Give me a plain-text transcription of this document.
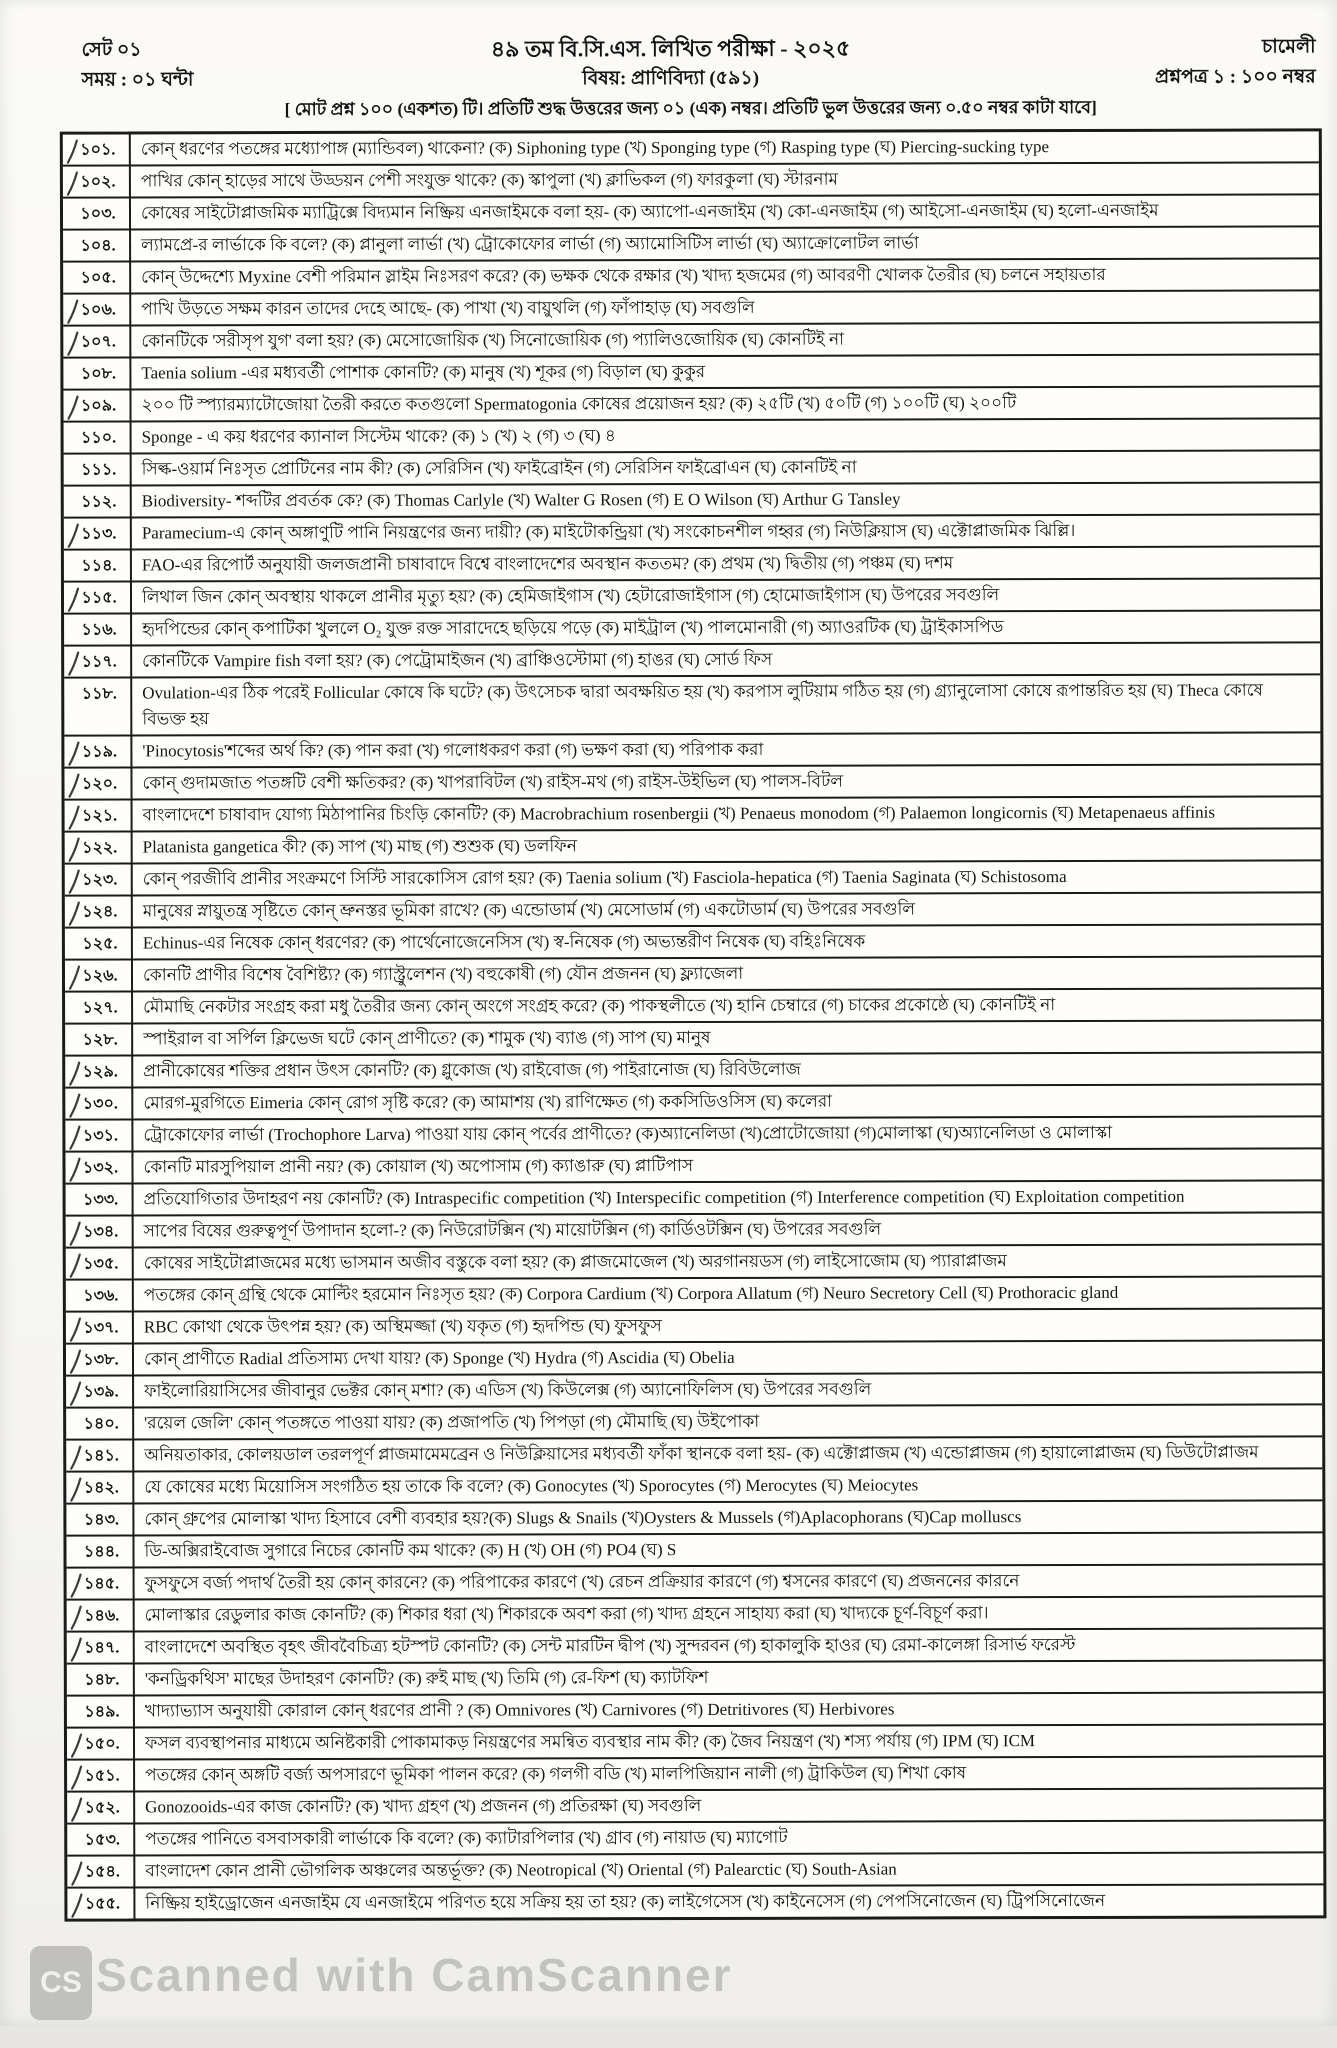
সেট ০১
সময় : ০১ ঘন্টা
৪৯ তম বি.সি.এস. লিখিত পরীক্ষা - ২০২৫
বিষয়: প্রাণিবিদ্যা (৫৯১)
চামেলী
প্রশ্নপত্র ১ : ১০০ নম্বর
[ মোট প্রশ্ন ১০০ (একশত) টি। প্রতিটি শুদ্ধ উত্তরের জন্য ০১ (এক) নম্বর। প্রতিটি ভুল উত্তরের জন্য ০.৫০ নম্বর কাটা যাবে]
১০১.	কোন্ ধরণের পতঙ্গের মধ্যোপাঙ্গ (ম্যান্ডিবল) থাকেনা? (ক) Siphoning type (খ) Sponging type (গ) Rasping type (ঘ) Piercing-sucking type
১০২.	পাখির কোন্ হাড়ের সাথে উড্ডয়ন পেশী সংযুক্ত থাকে? (ক) স্কাপুলা (খ) ক্লাভিকল (গ) ফারকুলা (ঘ) স্টারনাম
১০৩.	কোষের সাইটোপ্লাজমিক ম্যাট্রিক্সে বিদ্যমান নিষ্ক্রিয় এনজাইমকে বলা হয়- (ক) অ্যাপো-এনজাইম (খ) কো-এনজাইম (গ) আইসো-এনজাইম (ঘ) হলো-এনজাইম
১০৪.	ল্যামপ্রে-র লার্ভাকে কি বলে? (ক) প্লানুলা লার্ভা (খ) ট্রোকোফোর লার্ভা (গ) অ্যামোসিটিস লার্ভা (ঘ) অ্যাক্রোলোটল লার্ভা
১০৫.	কোন্ উদ্দেশ্যে Myxine বেশী পরিমান স্লাইম নিঃসরণ করে? (ক) ভক্ষক থেকে রক্ষার (খ) খাদ্য হজমের (গ) আবরণী খোলক তৈরীর (ঘ) চলনে সহায়তার
১০৬.	পাখি উড়তে সক্ষম কারন তাদের দেহে আছে- (ক) পাখা (খ) বায়ুথলি (গ) ফাঁপাহাড় (ঘ) সবগুলি
১০৭.	কোনটিকে 'সরীসৃপ যুগ' বলা হয়? (ক) মেসোজোয়িক (খ) সিনোজোয়িক (গ) প্যালিওজোয়িক (ঘ) কোনটিই না
১০৮.	Taenia solium -এর মধ্যবর্তী পোশাক কোনটি? (ক) মানুষ (খ) শূকর (গ) বিড়াল (ঘ) কুকুর
১০৯.	২০০ টি স্প্যারম্যাটোজোয়া তৈরী করতে কতগুলো Spermatogonia কোষের প্রয়োজন হয়? (ক) ২৫টি (খ) ৫০টি (গ) ১০০টি (ঘ) ২০০টি
১১০.	Sponge - এ কয় ধরণের ক্যানাল সিস্টেম থাকে? (ক) ১ (খ) ২ (গ) ৩ (ঘ) ৪
১১১.	সিল্ক-ওয়ার্ম নিঃসৃত প্রোটিনের নাম কী? (ক) সেরিসিন (খ) ফাইব্রোইন (গ) সেরিসিন ফাইব্রোএন (ঘ) কোনটিই না
১১২.	Biodiversity- শব্দটির প্রবর্তক কে? (ক) Thomas Carlyle (খ) Walter G Rosen (গ) E O Wilson (ঘ) Arthur G Tansley
১১৩.	Paramecium-এ কোন্ অঙ্গাণুটি পানি নিয়ন্ত্রণের জন্য দায়ী? (ক) মাইটোকন্ড্রিয়া (খ) সংকোচনশীল গহ্বর (গ) নিউক্লিয়াস (ঘ) এক্টোপ্লাজমিক ঝিল্লি।
১১৪.	FAO-এর রিপোর্ট অনুযায়ী জলজপ্রানী চাষাবাদে বিশ্বে বাংলাদেশের অবস্থান কততম? (ক) প্রথম (খ) দ্বিতীয় (গ) পঞ্চম (ঘ) দশম
১১৫.	লিথাল জিন কোন্ অবস্থায় থাকলে প্রানীর মৃত্যু হয়? (ক) হেমিজাইগাস (খ) হেটারোজাইগাস (গ) হোমোজাইগাস (ঘ) উপরের সবগুলি
১১৬.	হৃদপিন্ডের কোন্ কপাটিকা খুললে O₂ যুক্ত রক্ত সারাদেহে ছড়িয়ে পড়ে (ক) মাইট্রাল (খ) পালমোনারী (গ) অ্যাওরটিক (ঘ) ট্রাইকাসপিড
১১৭.	কোনটিকে Vampire fish বলা হয়? (ক) পেট্রোমাইজন (খ) ব্রাঞ্চিওস্টোমা (গ) হাঙর (ঘ) সোর্ড ফিস
১১৮.	Ovulation-এর ঠিক পরেই Follicular কোষে কি ঘটে? (ক) উৎসেচক দ্বারা অবক্ষয়িত হয় (খ) করপাস লুটিয়াম গঠিত হয় (গ) গ্র্যানুলোসা কোষে রূপান্তরিত হয় (ঘ) Theca কোষে বিভক্ত হয়
১১৯.	'Pinocytosis'শব্দের অর্থ কি? (ক) পান করা (খ) গলোধকরণ করা (গ) ভক্ষণ করা (ঘ) পরিপাক করা
১২০.	কোন্ গুদামজাত পতঙ্গটি বেশী ক্ষতিকর? (ক) খাপরাবিটল (খ) রাইস-মথ (গ) রাইস-উইভিল (ঘ) পালস-বিটল
১২১.	বাংলাদেশে চাষাবাদ যোগ্য মিঠাপানির চিংড়ি কোনটি? (ক) Macrobrachium rosenbergii (খ) Penaeus monodom (গ) Palaemon longicornis (ঘ) Metapenaeus affinis
১২২.	Platanista gangetica কী? (ক) সাপ (খ) মাছ (গ) শুশুক (ঘ) ডলফিন
১২৩.	কোন্ পরজীবি প্রানীর সংক্রমণে সিস্টি সারকোসিস রোগ হয়? (ক) Taenia solium (খ) Fasciola-hepatica (গ) Taenia Saginata (ঘ) Schistosoma
১২৪.	মানুষের স্নায়ুতন্ত্র সৃষ্টিতে কোন্ ভ্রুনস্তর ভূমিকা রাখে? (ক) এন্ডোডার্ম (খ) মেসোডার্ম (গ) একটোডার্ম (ঘ) উপরের সবগুলি
১২৫.	Echinus-এর নিষেক কোন্ ধরণের? (ক) পার্থেনোজেনেসিস (খ) স্ব-নিষেক (গ) অভ্যন্তরীণ নিষেক (ঘ) বহিঃনিষেক
১২৬.	কোনটি প্রাণীর বিশেষ বৈশিষ্ট্য? (ক) গ্যাস্ট্রুলেশন (খ) বহুকোষী (গ) যৌন প্রজনন (ঘ) ফ্ল্যাজেলা
১২৭.	মৌমাছি নেকটার সংগ্রহ করা মধু তৈরীর জন্য কোন্ অংগে সংগ্রহ করে? (ক) পাকস্থলীতে (খ) হানি চেম্বারে (গ) চাকের প্রকোষ্ঠে (ঘ) কোনটিই না
১২৮.	স্পাইরাল বা সর্পিল ক্লিভেজ ঘটে কোন্ প্রাণীতে? (ক) শামুক (খ) ব্যাঙ (গ) সাপ (ঘ) মানুষ
১২৯.	প্রানীকোষের শক্তির প্রধান উৎস কোনটি? (ক) গ্লুকোজ (খ) রাইবোজ (গ) পাইরানোজ (ঘ) রিবিউলোজ
১৩০.	মোরগ-মুরগিতে Eimeria কোন্ রোগ সৃষ্টি করে? (ক) আমাশয় (খ) রাণিক্ষেত (গ) ককসিডিওসিস (ঘ) কলেরা
১৩১.	ট্রোকোফোর লার্ভা (Trochophore Larva) পাওয়া যায় কোন্ পর্বের প্রাণীতে? (ক)অ্যানেলিডা (খ)প্রোটোজোয়া (গ)মোলাস্কা (ঘ)অ্যানেলিডা ও মোলাস্কা
১৩২.	কোনটি মারসুপিয়াল প্রানী নয়? (ক) কোয়াল (খ) অপোসাম (গ) ক্যাঙারু (ঘ) প্লাটিপাস
১৩৩.	প্রতিযোগিতার উদাহরণ নয় কোনটি? (ক) Intraspecific competition (খ) Interspecific competition (গ) Interference competition (ঘ) Exploitation competition
১৩৪.	সাপের বিষের গুরুত্বপূর্ণ উপাদান হলো-? (ক) নিউরোটক্সিন (খ) মায়োটক্সিন (গ) কার্ডিওটক্সিন (ঘ) উপরের সবগুলি
১৩৫.	কোষের সাইটোপ্লাজমের মধ্যে ভাসমান অজীব বস্তুকে বলা হয়? (ক) প্লাজমোজেল (খ) অরগানয়ডস (গ) লাইসোজোম (ঘ) প্যারাপ্লাজম
১৩৬.	পতঙ্গের কোন্ গ্রন্থি থেকে মোল্টিং হরমোন নিঃসৃত হয়? (ক) Corpora Cardium (খ) Corpora Allatum (গ) Neuro Secretory Cell (ঘ) Prothoracic gland
১৩৭.	RBC কোথা থেকে উৎপন্ন হয়? (ক) অস্থিমজ্জা (খ) যকৃত (গ) হৃদপিন্ড (ঘ) ফুসফুস
১৩৮.	কোন্ প্রাণীতে Radial প্রতিসাম্য দেখা যায়? (ক) Sponge (খ) Hydra (গ) Ascidia (ঘ) Obelia
১৩৯.	ফাইলোরিয়াসিসের জীবানুর ভেক্টর কোন্ মশা? (ক) এডিস (খ) কিউলেক্স (গ) অ্যানোফিলিস (ঘ) উপরের সবগুলি
১৪০.	'রয়েল জেলি' কোন্ পতঙ্গতে পাওয়া যায়? (ক) প্রজাপতি (খ) পিপড়া (গ) মৌমাছি (ঘ) উইপোকা
১৪১.	অনিয়তাকার, কোলয়ডাল তরলপূর্ণ প্লাজমামেমব্রেন ও নিউক্লিয়াসের মধ্যবর্তী ফাঁকা স্থানকে বলা হয়- (ক) এক্টোপ্লাজম (খ) এন্ডোপ্লাজম (গ) হায়ালোপ্লাজম (ঘ) ডিউটোপ্লাজম
১৪২.	যে কোষের মধ্যে মিয়োসিস সংগঠিত হয় তাকে কি বলে? (ক) Gonocytes (খ) Sporocytes (গ) Merocytes (ঘ) Meiocytes
১৪৩.	কোন্ গ্রুপের মোলাস্কা খাদ্য হিসাবে বেশী ব্যবহার হয়?(ক) Slugs & Snails (খ)Oysters & Mussels (গ)Aplacophorans (ঘ)Cap molluscs
১৪৪.	ডি-অক্সিরাইবোজ সুগারে নিচের কোনটি কম থাকে? (ক) H (খ) OH (গ) PO4 (ঘ) S
১৪৫.	ফুসফুসে বর্জ্য পদার্থ তৈরী হয় কোন্ কারনে? (ক) পরিপাকের কারণে (খ) রেচন প্রক্রিয়ার কারণে (গ) শ্বসনের কারণে (ঘ) প্রজননের কারনে
১৪৬.	মোলাস্কার রেডুলার কাজ কোনটি? (ক) শিকার ধরা (খ) শিকারকে অবশ করা (গ) খাদ্য গ্রহনে সাহায্য করা (ঘ) খাদ্যকে চূর্ণ-বিচূর্ণ করা।
১৪৭.	বাংলাদেশে অবস্থিত বৃহৎ জীববৈচিত্র্য হটস্পট কোনটি? (ক) সেন্ট মারটিন দ্বীপ (খ) সুন্দরবন (গ) হাকালুকি হাওর (ঘ) রেমা-কালেঙ্গা রিসার্ভ ফরেস্ট
১৪৮.	'কনড্রিকথিস' মাছের উদাহরণ কোনটি? (ক) রুই মাছ (খ) তিমি (গ) রে-ফিশ (ঘ) ক্যাটফিশ
১৪৯.	খাদ্যাভ্যাস অনুযায়ী কোরাল কোন্ ধরণের প্রানী ? (ক) Omnivores (খ) Carnivores (গ) Detritivores (ঘ) Herbivores
১৫০.	ফসল ব্যবস্থাপনার মাধ্যমে অনিষ্টকারী পোকামাকড় নিয়ন্ত্রণের সমন্বিত ব্যবস্থার নাম কী? (ক) জৈব নিয়ন্ত্রণ (খ) শস্য পর্যায় (গ) IPM (ঘ) ICM
১৫১.	পতঙ্গের কোন্ অঙ্গটি বর্জ্য অপসারণে ভূমিকা পালন করে? (ক) গলগী বডি (খ) মালপিজিয়ান নালী (গ) ট্রাকিউল (ঘ) শিখা কোষ
১৫২.	Gonozooids-এর কাজ কোনটি? (ক) খাদ্য গ্রহণ (খ) প্রজনন (গ) প্রতিরক্ষা (ঘ) সবগুলি
১৫৩.	পতঙ্গের পানিতে বসবাসকারী লার্ভাকে কি বলে? (ক) ক্যাটারপিলার (খ) গ্রাব (গ) নায়াড (ঘ) ম্যাগোট
১৫৪.	বাংলাদেশ কোন প্রানী ভৌগলিক অঞ্চলের অন্তর্ভূক্ত? (ক) Neotropical (খ) Oriental (গ) Palearctic (ঘ) South-Asian
১৫৫.	নিষ্ক্রিয় হাইড্রোজেন এনজাইম যে এনজাইমে পরিণত হয়ে সক্রিয় হয় তা হয়? (ক) লাইগেসেস (খ) কাইনেসেস (গ) পেপসিনোজেন (ঘ) ট্রিপসিনোজেন
Scanned with CamScanner
CS
